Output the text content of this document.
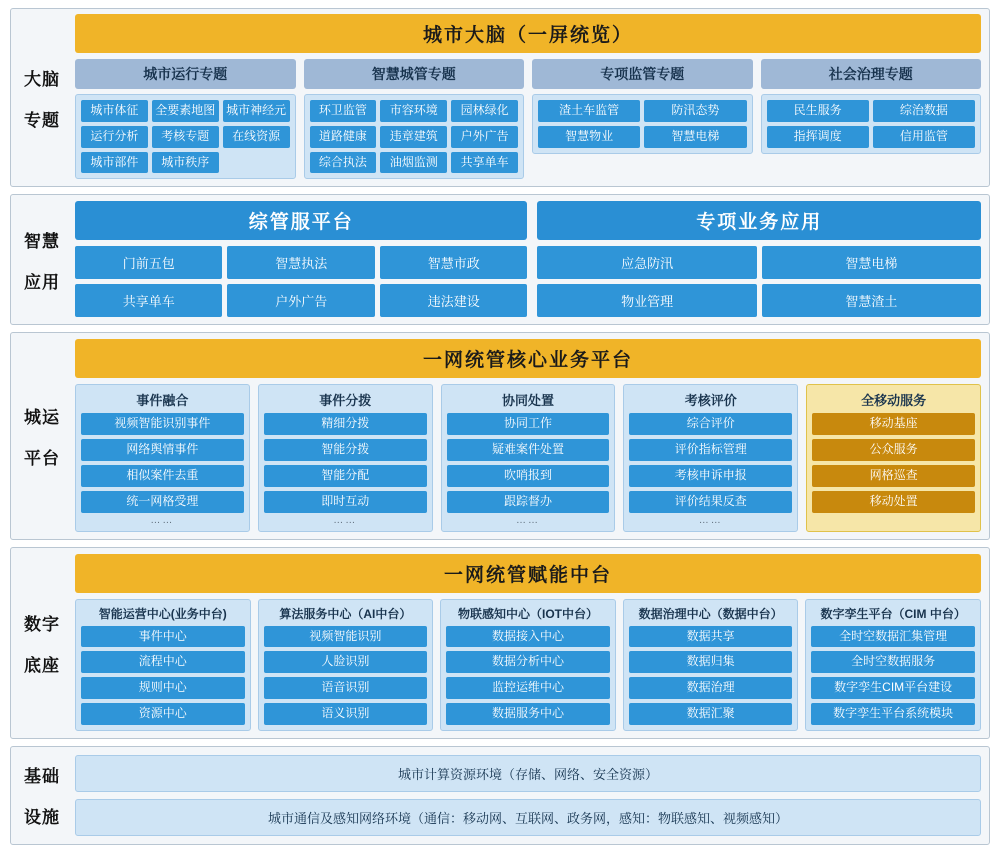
大脑
专题
城市大脑（一屏统览）
城市运行专题
城市体征	全要素地图 城市神经元
运行分析	考核专题	在线资源
城市部件	城市秩序
智慧城管专题
环卫监管	市容环境	园林绿化
道路健康	违章建筑	户外广告
综合执法	油烟监测	共享单车
专项监管专题
渣土车监管	防汛态势
智慧物业	智慧电梯
社会治理专题
民生服务	综治数据
指挥调度	信用监管
智慧
应用
综管服平台
门前五包	智慧执法	智慧市政
共享单车	户外广告	违法建设
专项业务应用
应急防汛	智慧电梯
物业管理	智慧渣土
城运
平台
一网统管核心业务平台
事件融合
视频智能识别事件
网络舆情事件
相似案件去重
统一网格受理
……
事件分拨
精细分拨
智能分拨
智能分配
即时互动
……
协同处置
协同工作
疑难案件处置
吹哨报到
跟踪督办
……
考核评价
综合评价
评价指标管理
考核申诉申报
评价结果反查
……
全移动服务
移动基座
公众服务
网格巡查
移动处置
数字
底座
一网统管赋能中台
智能运营中心(业务中台)
事件中心
流程中心
规则中心
资源中心
算法服务中心（AI中台）
视频智能识别
人脸识别
语音识别
语义识别
物联感知中心（IOT中台）
数据接入中心
数据分析中心
监控运维中心
数据服务中心
数据治理中心（数据中台）
数据共享
数据归集
数据治理
数据汇聚
数字孪生平台（CIM 中台）
全时空数据汇集管理
全时空数据服务
数字孪生CIM平台建设
数字孪生平台系统模块
基础
设施
城市计算资源环境（存储、网络、安全资源）
城市通信及感知网络环境（通信：移动网、互联网、政务网，感知：物联感知、视频感知）
